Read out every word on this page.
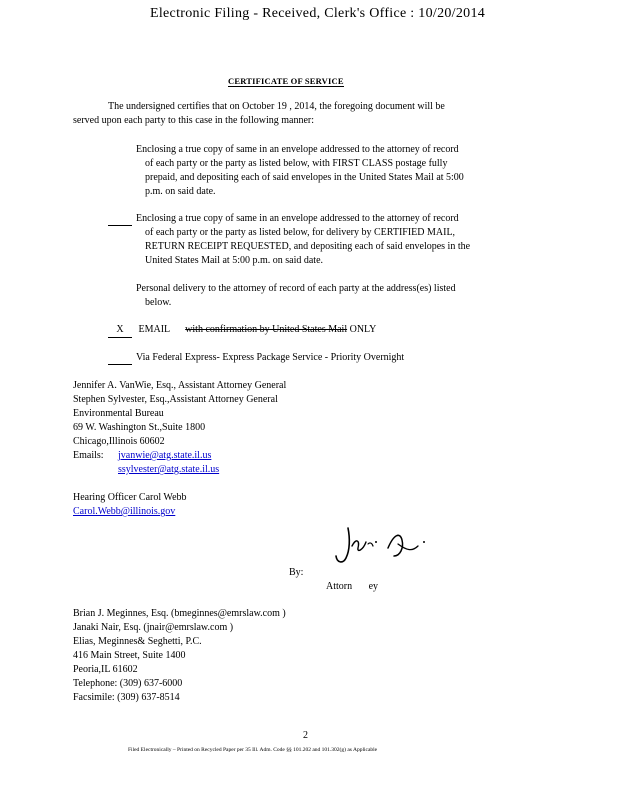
Electronic Filing - Received, Clerk's Office : 10/20/2014
CERTIFICATE OF SERVICE
The undersigned certifies that on October 19 , 2014, the foregoing document will be
served upon each party to this case in the following manner:
Enclosing a true copy of same in an envelope addressed to the attorney of record
of each party or the party as listed below, with FIRST CLASS postage fully
prepaid, and depositing each of said envelopes in the United States Mail at 5:00
p.m. on said date.
Enclosing a true copy of same in an envelope addressed to the attorney of record
of each party or the party as listed below, for delivery by CERTIFIED MAIL,
RETURN RECEIPT REQUESTED, and depositing each of said envelopes in the
United States Mail at 5:00 p.m. on said date.
Personal delivery to the attorney of record of each party at the address(es) listed
below.
X EMAIL with confirmation by United States Mail ONLY
Via Federal Express- Express Package Service - Priority Overnight
Jennifer A. VanWie, Esq., Assistant Attorney General
Stephen Sylvester, Esq.,Assistant Attorney General
Environmental Bureau
69 W. Washington St.,Suite 1800
Chicago,Illinois 60602
Emails: jvanwie@atg.state.il.us
ssylvester@atg.state.il.us
Hearing Officer Carol Webb
Carol.Webb@illinois.gov
By:
Attorn ey
Brian J. Meginnes, Esq. (bmeginnes@emrslaw.com )
Janaki Nair, Esq. (jnair@emrslaw.com )
Elias, Meginnes& Seghetti, P.C.
416 Main Street, Suite 1400
Peoria,IL 61602
Telephone: (309) 637-6000
Facsimile: (309) 637-8514
2
Filed Electronically – Printed on Recycled Paper per 35 Ill. Adm. Code §§ 101.202 and 101.302(g) as Applicable
